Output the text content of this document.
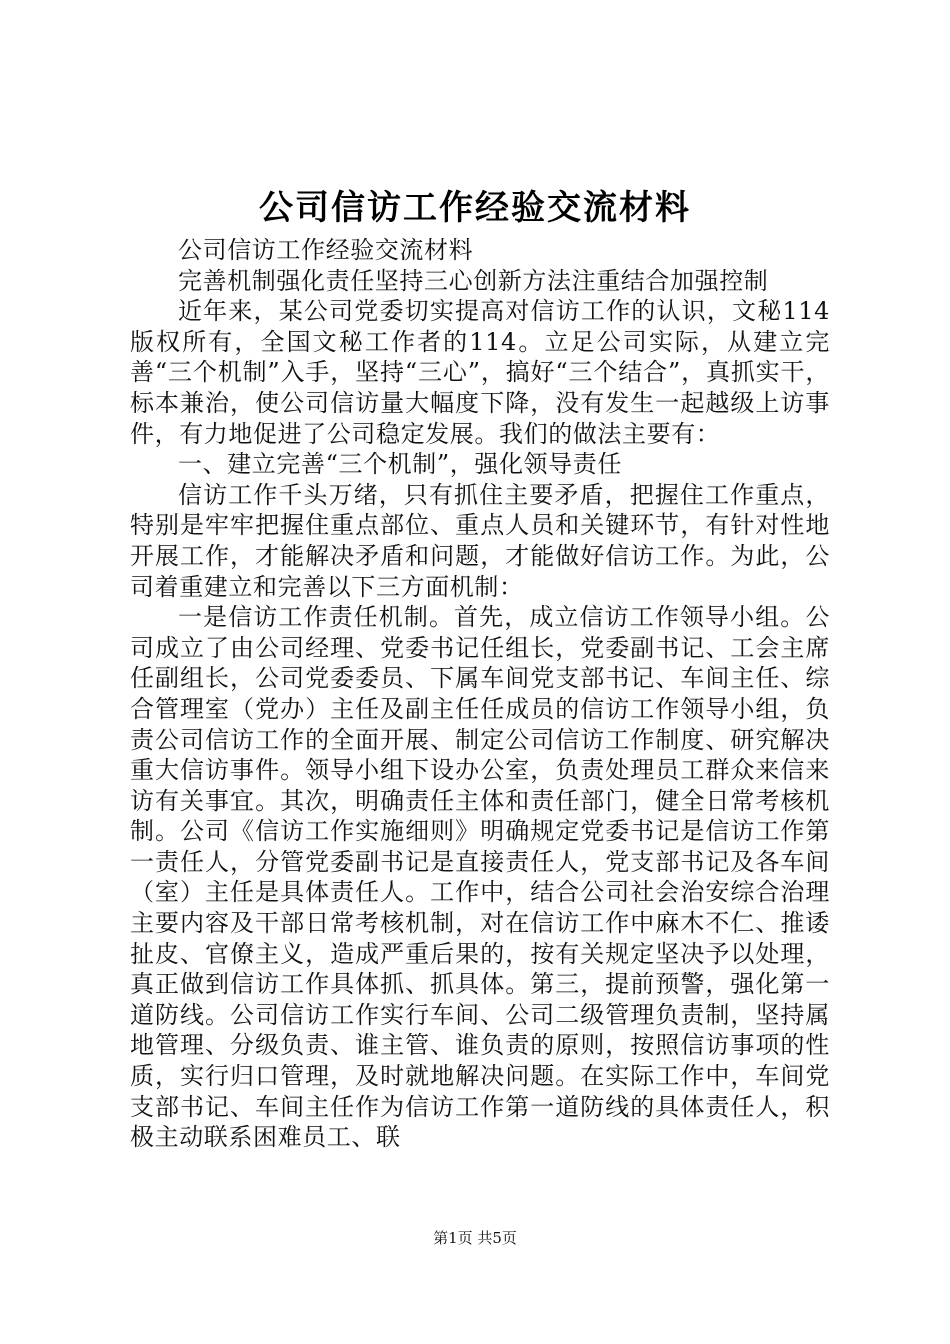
公司信访工作经验交流材料

公司信访工作经验交流材料

完善机制强化责任坚持三心创新方法注重结合加强控制

近年来，某公司党委切实提高对信访工作的认识，文秘114版权所有，全国文秘工作者的114。立足公司实际，从建立完善“三个机制”入手，坚持“三心”，搞好“三个结合”，真抓实干，标本兼治，使公司信访量大幅度下降，没有发生一起越级上访事件，有力地促进了公司稳定发展。我们的做法主要有：

一、建立完善“三个机制”，强化领导责任

信访工作千头万绪，只有抓住主要矛盾，把握住工作重点，特别是牢牢把握住重点部位、重点人员和关键环节，有针对性地开展工作，才能解决矛盾和问题，才能做好信访工作。为此，公司着重建立和完善以下三方面机制：

一是信访工作责任机制。首先，成立信访工作领导小组。公司成立了由公司经理、党委书记任组长，党委副书记、工会主席任副组长，公司党委委员、下属车间党支部书记、车间主任、综合管理室（党办）主任及副主任任成员的信访工作领导小组，负责公司信访工作的全面开展、制定公司信访工作制度、研究解决重大信访事件。领导小组下设办公室，负责处理员工群众来信来访有关事宜。其次，明确责任主体和责任部门，健全日常考核机制。公司《信访工作实施细则》明确规定党委书记是信访工作第一责任人，分管党委副书记是直接责任人，党支部书记及各车间（室）主任是具体责任人。工作中，结合公司社会治安综合治理主要内容及干部日常考核机制，对在信访工作中麻木不仁、推诿扯皮、官僚主义，造成严重后果的，按有关规定坚决予以处理，真正做到信访工作具体抓、抓具体。第三，提前预警，强化第一道防线。公司信访工作实行车间、公司二级管理负责制，坚持属地管理、分级负责、谁主管、谁负责的原则，按照信访事项的性质，实行归口管理，及时就地解决问题。在实际工作中，车间党支部书记、车间主任作为信访工作第一道防线的具体责任人，积极主动联系困难员工、联

第1页 共5页
